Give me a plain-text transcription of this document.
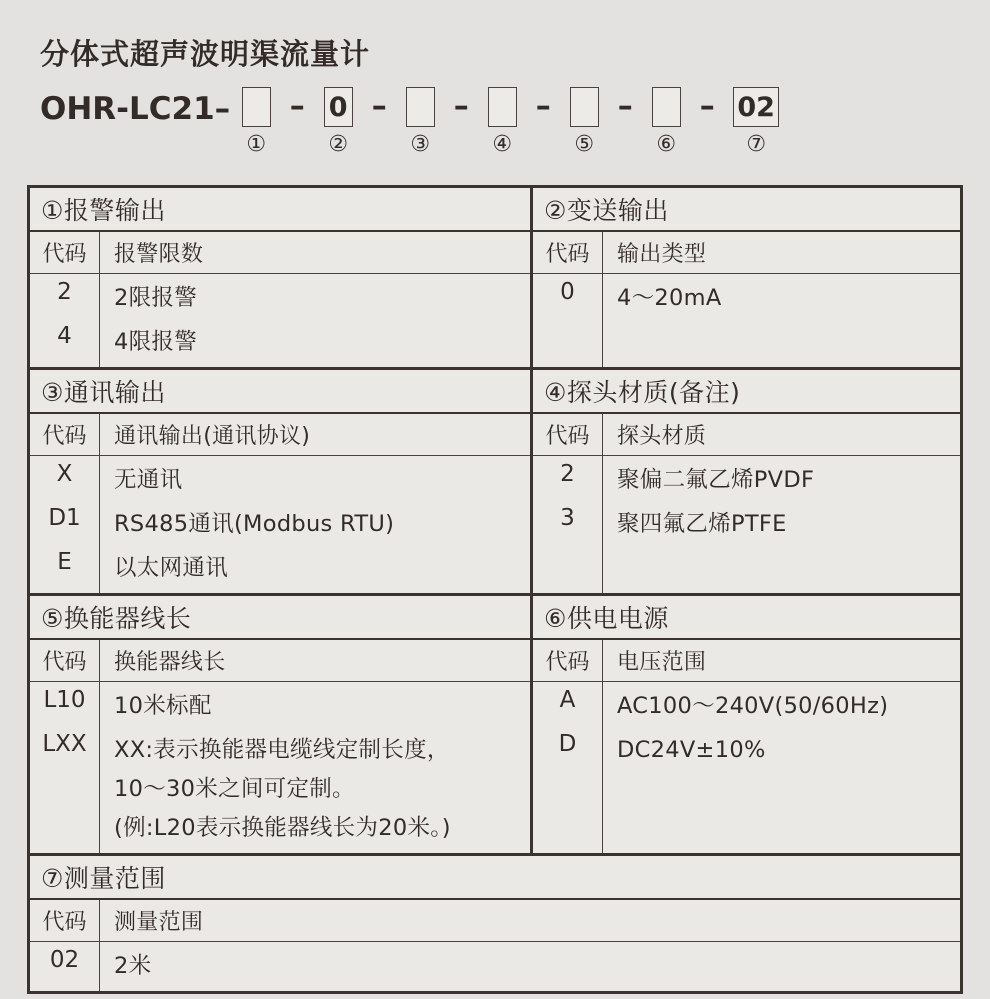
分体式超声波明渠流量计
OHR-LC21–
①
– 0
②
–
③
–
④
–
⑤
–
⑥
– 02
⑦
①报警输出
代码	报警限数
2	2限报警
4	4限报警
②变送输出
代码	输出类型
0	4～20mA
③通讯输出
代码	通讯输出(通讯协议)
X	无通讯
D1	RS485通讯(Modbus RTU)
E	以太网通讯
④探头材质(备注)
代码	探头材质
2	聚偏二氟乙烯PVDF
3	聚四氟乙烯PTFE
⑤换能器线长
代码	换能器线长
L10	10米标配
LXX	XX:表示换能器电缆线定制长度，
10～30米之间可定制。
(例:L20表示换能器线长为20米。)
⑥供电电源
代码	电压范围
A	AC100～240V(50/60Hz)
D	DC24V±10%
⑦测量范围
代码	测量范围
02	2米
